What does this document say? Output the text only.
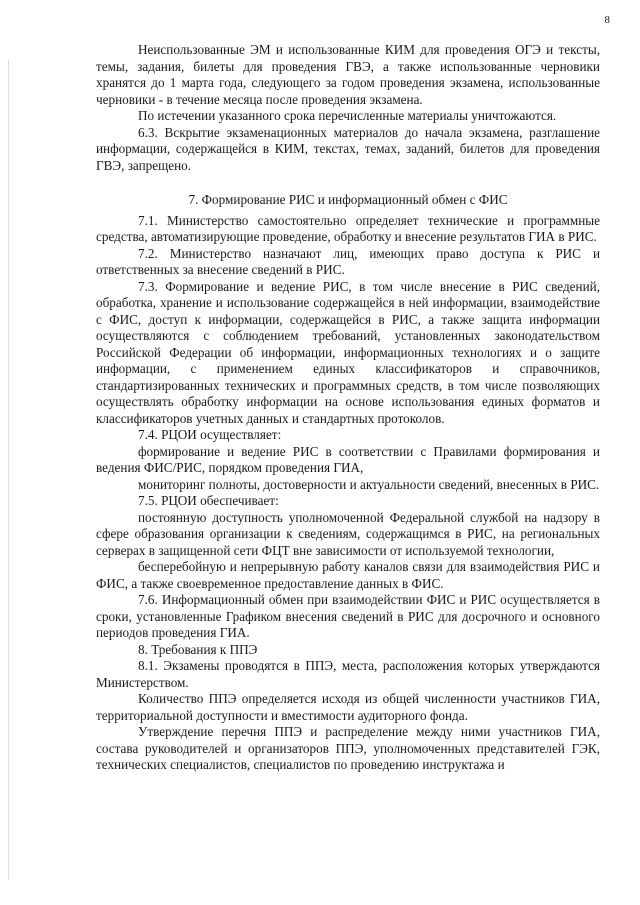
8

Неиспользованные ЭМ и использованные КИМ для проведения ОГЭ и тексты, темы, задания, билеты для проведения ГВЭ, а также использованные черновики хранятся до 1 марта года, следующего за годом проведения экзамена, использованные черновики - в течение месяца после проведения экзамена.

По истечении указанного срока перечисленные материалы уничтожаются.

6.3. Вскрытие экзаменационных материалов до начала экзамена, разглашение информации, содержащейся в КИМ, текстах, темах, заданий, билетов для проведения ГВЭ, запрещено.

7. Формирование РИС и информационный обмен с ФИС

7.1. Министерство самостоятельно определяет технические и программные средства, автоматизирующие проведение, обработку и внесение результатов ГИА в РИС.

7.2. Министерство назначают лиц, имеющих право доступа к РИС и ответственных за внесение сведений в РИС.

7.3. Формирование и ведение РИС, в том числе внесение в РИС сведений, обработка, хранение и использование содержащейся в ней информации, взаимодействие с ФИС, доступ к информации, содержащейся в РИС, а также защита информации осуществляются с соблюдением требований, установленных законодательством Российской Федерации об информации, информационных технологиях и о защите информации, с применением единых классификаторов и справочников, стандартизированных технических и программных средств, в том числе позволяющих осуществлять обработку информации на основе использования единых форматов и классификаторов учетных данных и стандартных протоколов.

7.4. РЦОИ осуществляет:

формирование и ведение РИС в соответствии с Правилами формирования и ведения ФИС/РИС, порядком проведения ГИА,

мониторинг полноты, достоверности и актуальности сведений, внесенных в РИС.

7.5. РЦОИ обеспечивает:

постоянную доступность уполномоченной Федеральной службой на надзору в сфере образования организации к сведениям, содержащимся в РИС, на региональных серверах в защищенной сети ФЦТ вне зависимости от используемой технологии,

бесперебойную и непрерывную работу каналов связи для взаимодействия РИС и ФИС, а также своевременное предоставление данных в ФИС.

7.6. Информационный обмен при взаимодействии ФИС и РИС осуществляется в сроки, установленные Графиком внесения сведений в РИС для досрочного и основного периодов проведения ГИА.

8. Требования к ППЭ

8.1. Экзамены проводятся в ППЭ, места, расположения которых утверждаются Министерством.

Количество ППЭ определяется исходя из общей численности участников ГИА, территориальной доступности и вместимости аудиторного фонда.

Утверждение перечня ППЭ и распределение между ними участников ГИА, состава руководителей и организаторов ППЭ, уполномоченных представителей ГЭК, технических специалистов, специалистов по проведению инструктажа и
